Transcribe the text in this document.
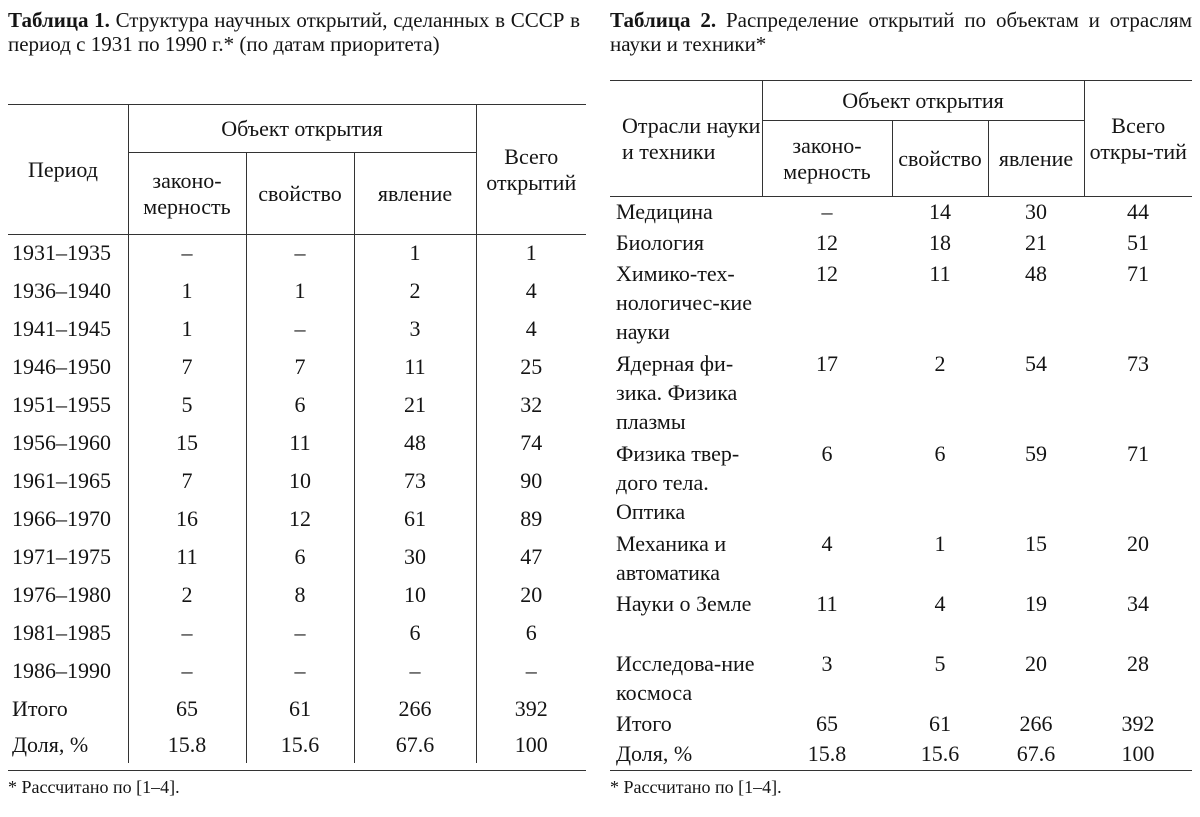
Таблица 1. Структура научных открытий, сделанных в СССР в период с 1931 по 1990 г.* (по датам приоритета)
Период	Объект открытия			Всего открытий
	законо-мерность	свойство	явление	
1931–1935	–	–	1	1
1936–1940	1	1	2	4
1941–1945	1	–	3	4
1946–1950	7	7	11	25
1951–1955	5	6	21	32
1956–1960	15	11	48	74
1961–1965	7	10	73	90
1966–1970	16	12	61	89
1971–1975	11	6	30	47
1976–1980	2	8	10	20
1981–1985	–	–	6	6
1986–1990	–	–	–	–
Итого	65	61	266	392
Доля, %	15.8	15.6	67.6	100
* Рассчитано по [1–4].
Таблица 2. Распределение открытий по объектам и отраслям науки и техники*
Отрасли науки и техники	Объект открытия			Всего откры-тий
	законо-мерность	свойство	явление	
Медицина	–	14	30	44
Биология	12	18	21	51
Химико-тех-нологичес-кие науки	12	11	48	71
Ядерная фи-зика. Физика плазмы	17	2	54	73
Физика твер-дого тела. Оптика	6	6	59	71
Механика и автоматика	4	1	15	20
Науки о Земле	11	4	19	34
Исследова-ние космоса	3	5	20	28
Итого	65	61	266	392
Доля, %	15.8	15.6	67.6	100
* Рассчитано по [1–4].
